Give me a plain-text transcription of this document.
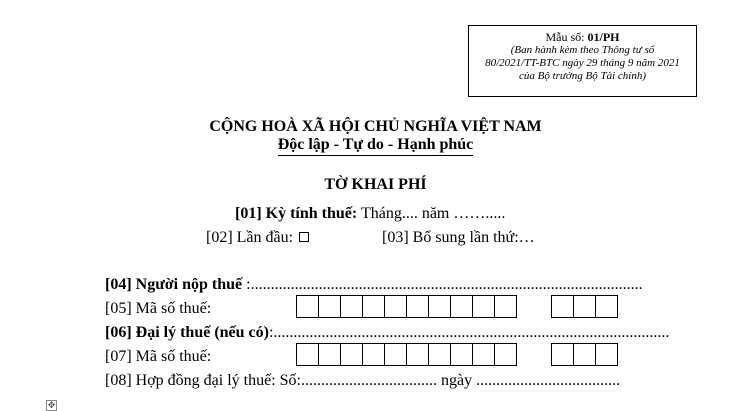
Mẫu số: 01/PH
(Ban hành kèm theo Thông tư số
80/2021/TT-BTC ngày 29 tháng 9 năm 2021
của Bộ trưởng Bộ Tài chính)
CỘNG HOÀ XÃ HỘI CHỦ NGHĨA VIỆT NAM
Độc lập - Tự do - Hạnh phúc
TỜ KHAI PHÍ
[01] Kỳ tính thuế: Tháng.... năm …….....
[02] Lần đầu:	[03] Bổ sung lần thứ:…
[04] Người nộp thuế :..................................................................................................
[05] Mã số thuế:
[06] Đại lý thuế (nếu có):...................................................................................................
[07] Mã số thuế:
[08] Hợp đồng đại lý thuế: Số:.................................. ngày ....................................
✥
